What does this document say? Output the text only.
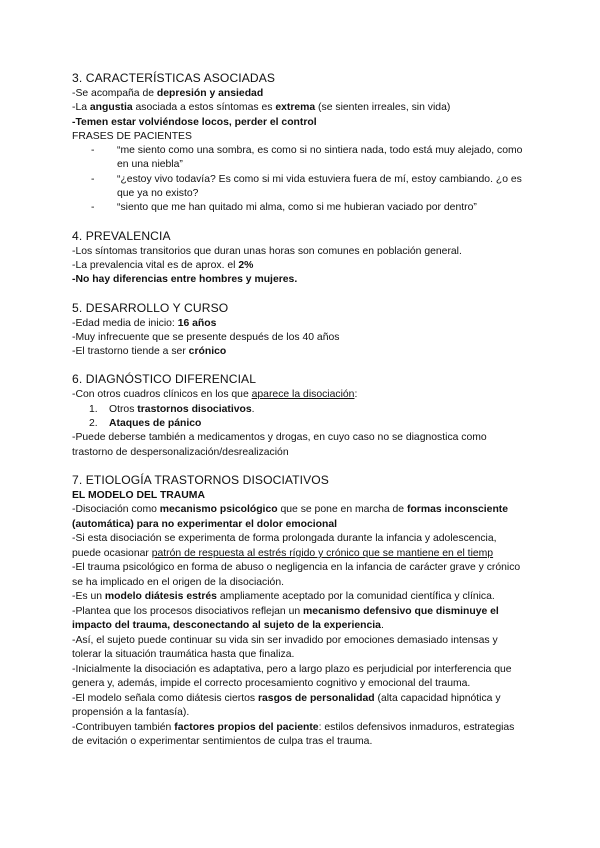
3. CARACTERÍSTICAS ASOCIADAS

-Se acompaña de depresión y ansiedad

-La angustia asociada a estos síntomas es extrema (se sienten irreales, sin vida)

-Temen estar volviéndose locos, perder el control

FRASES DE PACIENTES

- “me siento como una sombra, es como si no sintiera nada, todo está muy alejado, como en una niebla”
- “¿estoy vivo todavía? Es como si mi vida estuviera fuera de mí, estoy cambiando. ¿o es que ya no existo?
- “siento que me han quitado mi alma, como si me hubieran vaciado por dentro”
4. PREVALENCIA

-Los síntomas transitorios que duran unas horas son comunes en población general.

-La prevalencia vital es de aprox. el 2%

-No hay diferencias entre hombres y mujeres.

5. DESARROLLO Y CURSO

-Edad media de inicio: 16 años

-Muy infrecuente que se presente después de los 40 años

-El trastorno tiende a ser crónico

6. DIAGNÓSTICO DIFERENCIAL

-Con otros cuadros clínicos en los que aparece la disociación:

1. Otros trastornos disociativos.
2. Ataques de pánico

-Puede deberse también a medicamentos y drogas, en cuyo caso no se diagnostica como trastorno de despersonalización/desrealización

7. ETIOLOGÍA TRASTORNOS DISOCIATIVOS

EL MODELO DEL TRAUMA

-Disociación como mecanismo psicológico que se pone en marcha de formas inconsciente (automática) para no experimentar el dolor emocional

-Si esta disociación se experimenta de forma prolongada durante la infancia y adolescencia, puede ocasionar patrón de respuesta al estrés rígido y crónico que se mantiene en el tiemp

-El trauma psicológico en forma de abuso o negligencia en la infancia de carácter grave y crónico se ha implicado en el origen de la disociación.

-Es un modelo diátesis estrés ampliamente aceptado por la comunidad científica y clínica.

-Plantea que los procesos disociativos reflejan un mecanismo defensivo que disminuye el impacto del trauma, desconectando al sujeto de la experiencia.

-Así, el sujeto puede continuar su vida sin ser invadido por emociones demasiado intensas y tolerar la situación traumática hasta que finaliza.

-Inicialmente la disociación es adaptativa, pero a largo plazo es perjudicial por interferencia que genera y, además, impide el correcto procesamiento cognitivo y emocional del trauma.

-El modelo señala como diátesis ciertos rasgos de personalidad (alta capacidad hipnótica y propensión a la fantasía).

-Contribuyen también factores propios del paciente: estilos defensivos inmaduros, estrategias de evitación o experimentar sentimientos de culpa tras el trauma.
